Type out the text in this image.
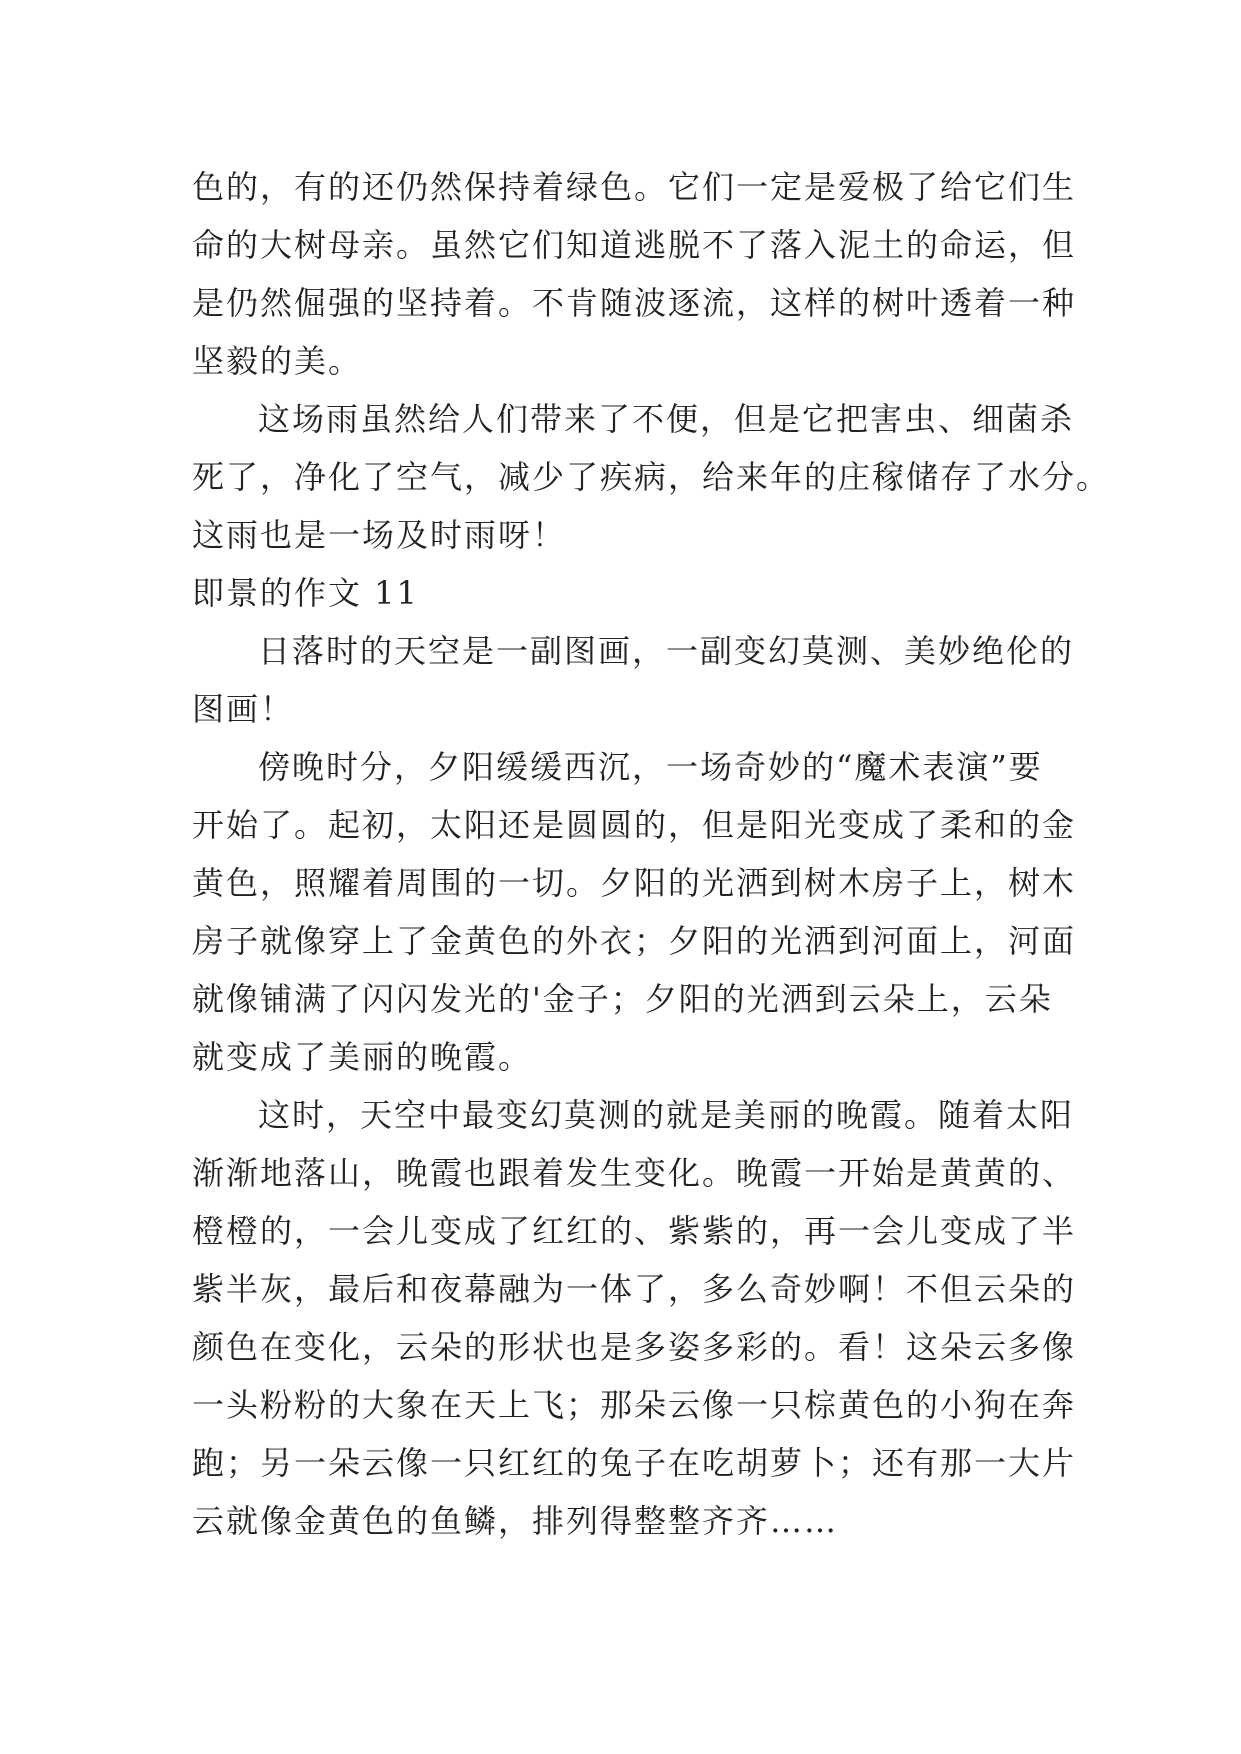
色的，有的还仍然保持着绿色。它们一定是爱极了给它们生
命的大树母亲。虽然它们知道逃脱不了落入泥土的命运，但
是仍然倔强的坚持着。不肯随波逐流，这样的树叶透着一种
坚毅的美。
这场雨虽然给人们带来了不便，但是它把害虫、细菌杀
死了，净化了空气，减少了疾病，给来年的庄稼储存了水分。
这雨也是一场及时雨呀！
即景的作文 11
日落时的天空是一副图画，一副变幻莫测、美妙绝伦的
图画！
傍晚时分，夕阳缓缓西沉，一场奇妙的“魔术表演”要
开始了。起初，太阳还是圆圆的，但是阳光变成了柔和的金
黄色，照耀着周围的一切。夕阳的光洒到树木房子上，树木
房子就像穿上了金黄色的外衣；夕阳的光洒到河面上，河面
就像铺满了闪闪发光的'金子；夕阳的光洒到云朵上，云朵
就变成了美丽的晚霞。
这时，天空中最变幻莫测的就是美丽的晚霞。随着太阳
渐渐地落山，晚霞也跟着发生变化。晚霞一开始是黄黄的、
橙橙的，一会儿变成了红红的、紫紫的，再一会儿变成了半
紫半灰，最后和夜幕融为一体了，多么奇妙啊！不但云朵的
颜色在变化，云朵的形状也是多姿多彩的。看！这朵云多像
一头粉粉的大象在天上飞；那朵云像一只棕黄色的小狗在奔
跑；另一朵云像一只红红的兔子在吃胡萝卜；还有那一大片
云就像金黄色的鱼鳞，排列得整整齐齐……
